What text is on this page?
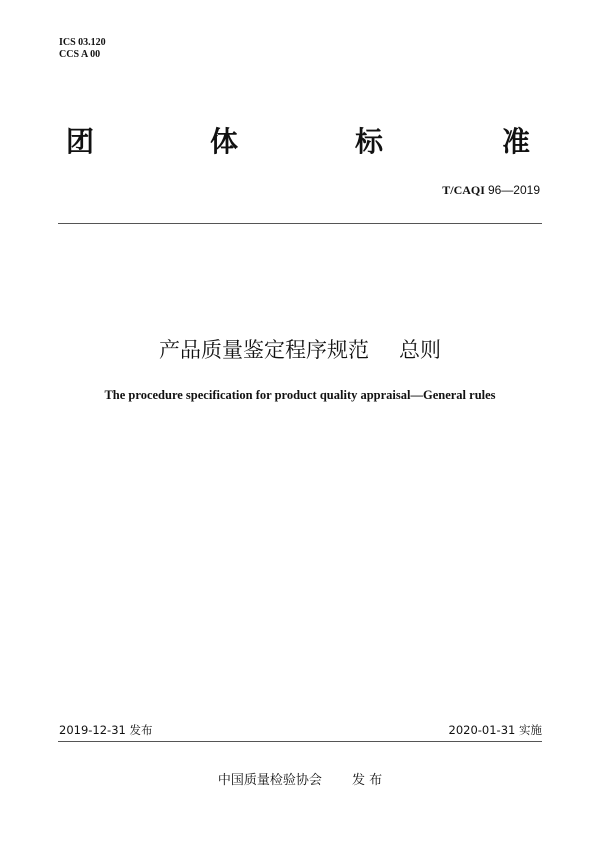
ICS 03.120
CCS A 00
团	体	标	准
T/CAQI 96—2019
产品质量鉴定程序规范 总则
The procedure specification for product quality appraisal—General rules
2019-12-31 发布	2020-01-31 实施
中国质量检验协会 发 布
